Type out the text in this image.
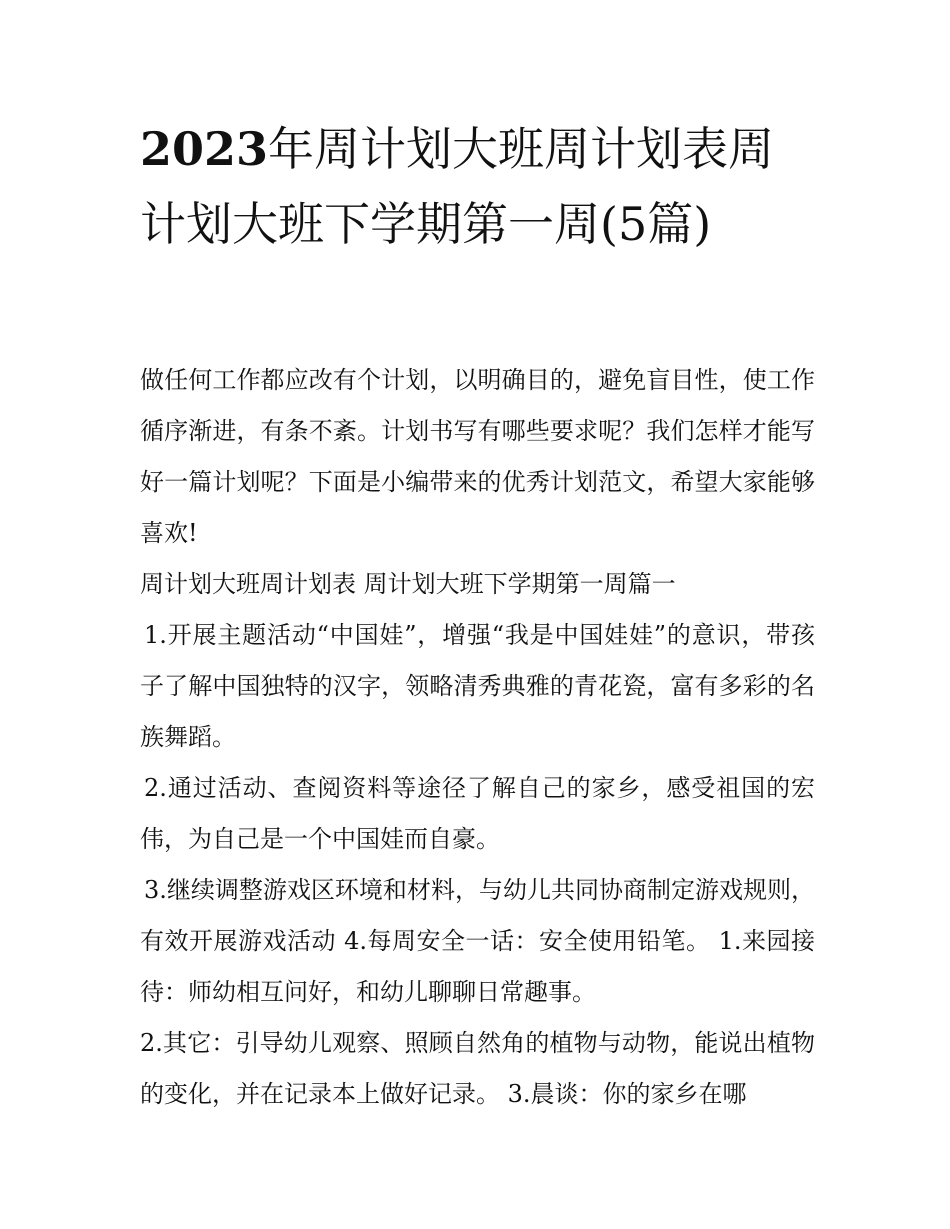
2023年周计划大班周计划表周计划大班下学期第一周(5篇)

做任何工作都应改有个计划，以明确目的，避免盲目性，使工作循序渐进，有条不紊。计划书写有哪些要求呢？我们怎样才能写好一篇计划呢？下面是小编带来的优秀计划范文，希望大家能够喜欢!

周计划大班周计划表 周计划大班下学期第一周篇一

1.开展主题活动“中国娃”，增强“我是中国娃娃”的意识，带孩子了解中国独特的汉字，领略清秀典雅的青花瓷，富有多彩的名族舞蹈。

2.通过活动、查阅资料等途径了解自己的家乡，感受祖国的宏伟，为自己是一个中国娃而自豪。

3.继续调整游戏区环境和材料，与幼儿共同协商制定游戏规则，有效开展游戏活动 4.每周安全一话：安全使用铅笔。 1.来园接待：师幼相互问好，和幼儿聊聊日常趣事。

2.其它：引导幼儿观察、照顾自然角的植物与动物，能说出植物的变化，并在记录本上做好记录。 3.晨谈：你的家乡在哪
